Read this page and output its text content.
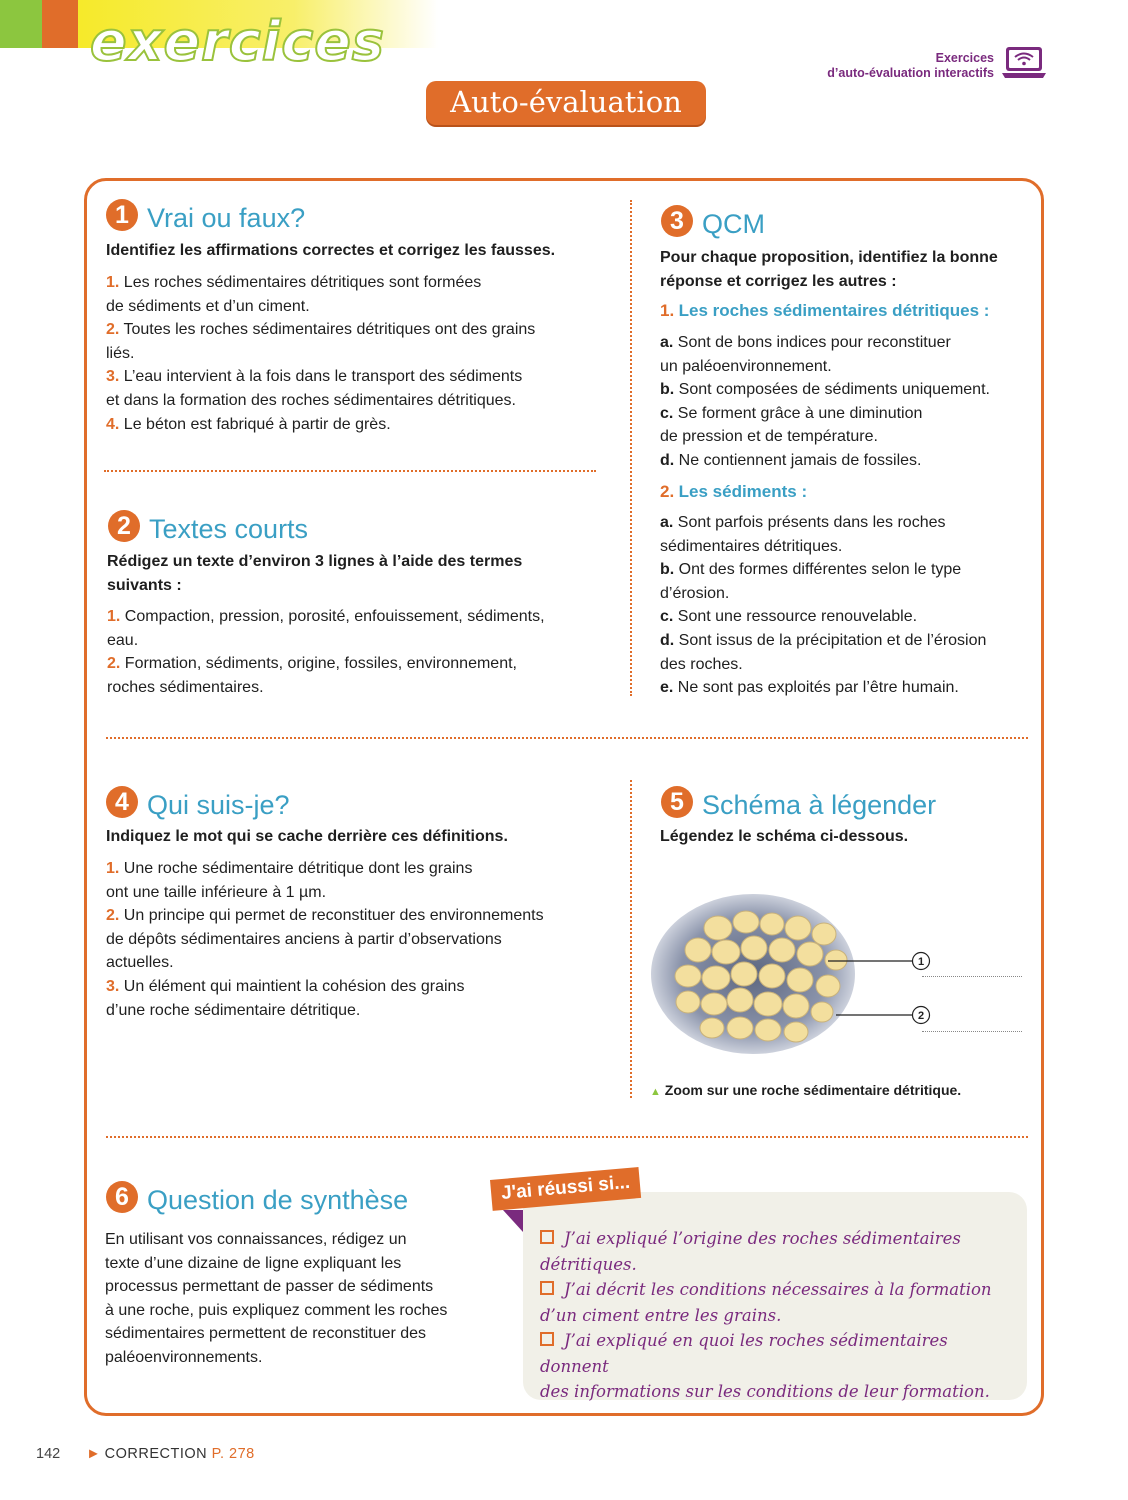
exercices	Exercices
d’auto-évaluation interactifs
Auto-évaluation
1 Vrai ou faux?
Identifiez les affirmations correctes et corrigez les fausses.
1. Les roches sédimentaires détritiques sont formées
de sédiments et d’un ciment.
2. Toutes les roches sédimentaires détritiques ont des grains
liés.
3. L’eau intervient à la fois dans le transport des sédiments
et dans la formation des roches sédimentaires détritiques.
4. Le béton est fabriqué à partir de grès.
2 Textes courts
Rédigez un texte d’environ 3 lignes à l’aide des termes
suivants :
1. Compaction, pression, porosité, enfouissement, sédiments,
eau.
2. Formation, sédiments, origine, fossiles, environnement,
roches sédimentaires.
3 QCM
Pour chaque proposition, identifiez la bonne
réponse et corrigez les autres :
1. Les roches sédimentaires détritiques :
a. Sont de bons indices pour reconstituer
un paléoenvironnement.
b. Sont composées de sédiments uniquement.
c. Se forment grâce à une diminution
de pression et de température.
d. Ne contiennent jamais de fossiles.
2. Les sédiments :
a. Sont parfois présents dans les roches
sédimentaires détritiques.
b. Ont des formes différentes selon le type
d’érosion.
c. Sont une ressource renouvelable.
d. Sont issus de la précipitation et de l’érosion
des roches.
e. Ne sont pas exploités par l’être humain.
4 Qui suis-je?
Indiquez le mot qui se cache derrière ces définitions.
1. Une roche sédimentaire détritique dont les grains
ont une taille inférieure à 1 µm.
2. Un principe qui permet de reconstituer des environnements
de dépôts sédimentaires anciens à partir d’observations
actuelles.
3. Un élément qui maintient la cohésion des grains
d’une roche sédimentaire détritique.
5 Schéma à légender
Légendez le schéma ci-dessous.
1
2
▲ Zoom sur une roche sédimentaire détritique.
6 Question de synthèse
En utilisant vos connaissances, rédigez un
texte d’une dizaine de ligne expliquant les
processus permettant de passer de sédiments
à une roche, puis expliquez comment les roches
sédimentaires permettent de reconstituer des
paléoenvironnements.
J'ai réussi si...
J’ai expliqué l’origine des roches sédimentaires
détritiques.
J’ai décrit les conditions nécessaires à la formation
d’un ciment entre les grains.
J’ai expliqué en quoi les roches sédimentaires donnent
des informations sur les conditions de leur formation.
142 ► CORRECTION P. 278
